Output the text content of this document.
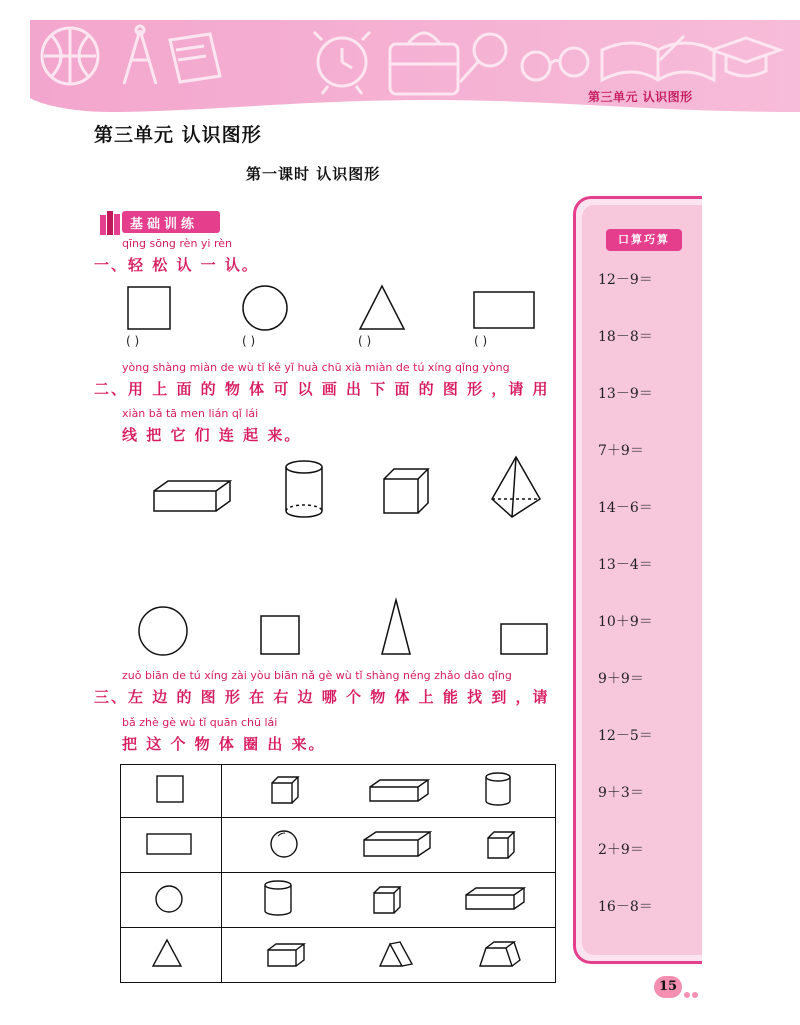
第三单元 认识图形
第三单元 认识图形
第一课时 认识图形
基础训练
qīng sōng rèn yi rèn
一、轻 松 认 一 认。
( )	( )	( )	( )
yòng shàng miàn de wù tǐ kě yǐ huà chū xià miàn de tú xíng qǐng yòng
二、用 上 面 的 物 体 可 以 画 出 下 面 的 图 形 ，请 用
xiàn bǎ tā men lián qǐ lái
线 把 它 们 连 起 来。
zuǒ biān de tú xíng zài yòu biān nǎ gè wù tǐ shàng néng zhǎo dào qǐng
三、左 边 的 图 形 在 右 边 哪 个 物 体 上 能 找 到 ，请
bǎ zhè gè wù tǐ quān chū lái
把 这 个 物 体 圈 出 来。

口算巧算
12－9＝
18－8＝
13－9＝
7＋9＝
14－6＝
13－4＝
10＋9＝
9＋9＝
12－5＝
9＋3＝
2＋9＝
16－8＝
15
